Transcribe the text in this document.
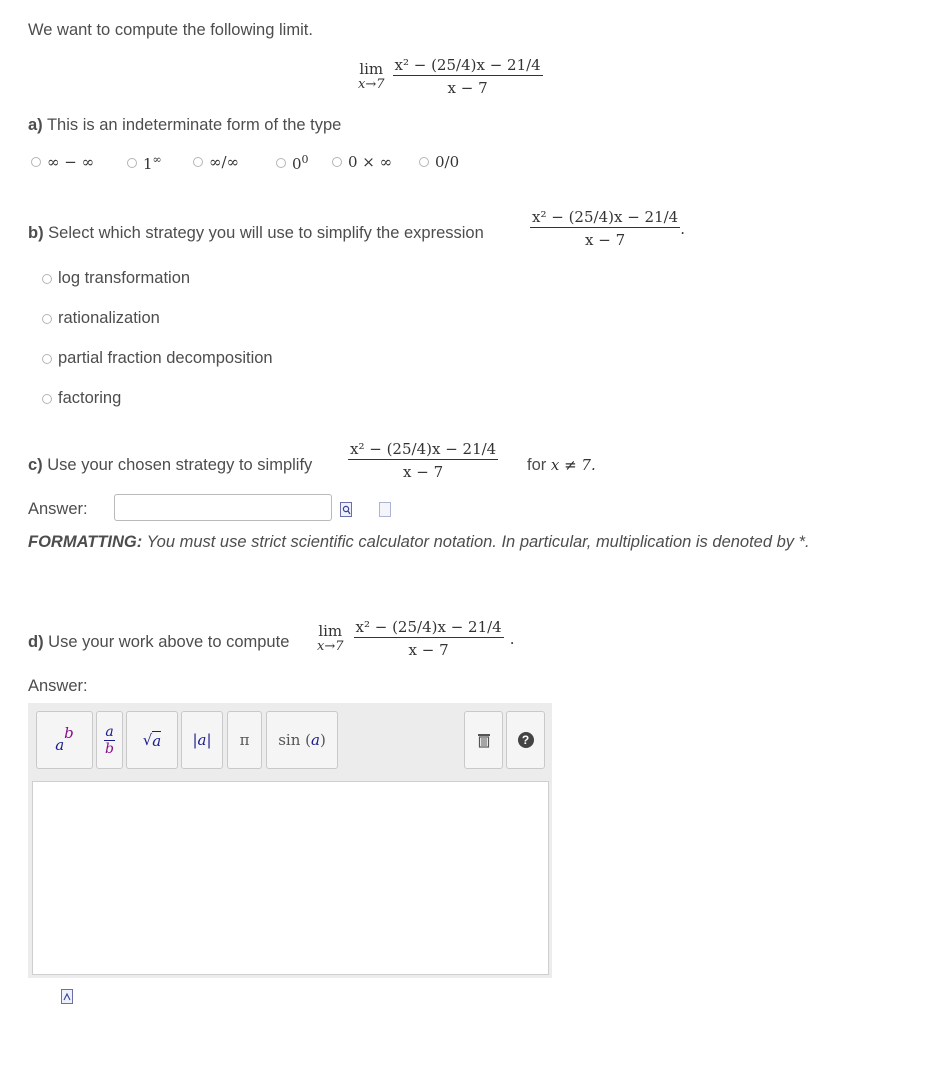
We want to compute the following limit.
lim
$x\to 7 \frac{\text{x² − (25/4)x − 21/4}}{x - 7}$
a) This is an indeterminate form of the type
∞ − ∞	1∞	∞/∞	$0^0$	0 × ∞	0/0
b) Select which strategy you will use to simplify the expression	$\frac{\text{x² − (25/4)x − 21/4}}{x - 7}$ .
log transformation
rationalization
partial fraction decomposition
factoring
c) Use your chosen strategy to simplify $\frac{\text{x² − (25/4)x − 21/4}}{x - 7}$ for x ≠ 7.
Answer:

FORMATTING: You must use strict scientific calculator notation. In particular, multiplication is denoted by *.
d) Use your work above to compute
lim
$x\to 7 \frac{\text{x² − (25/4)x − 21/4}}{x - 7}$ .
Answer:
a
b a
b √ a	|a|	π	sin ( a )	?
